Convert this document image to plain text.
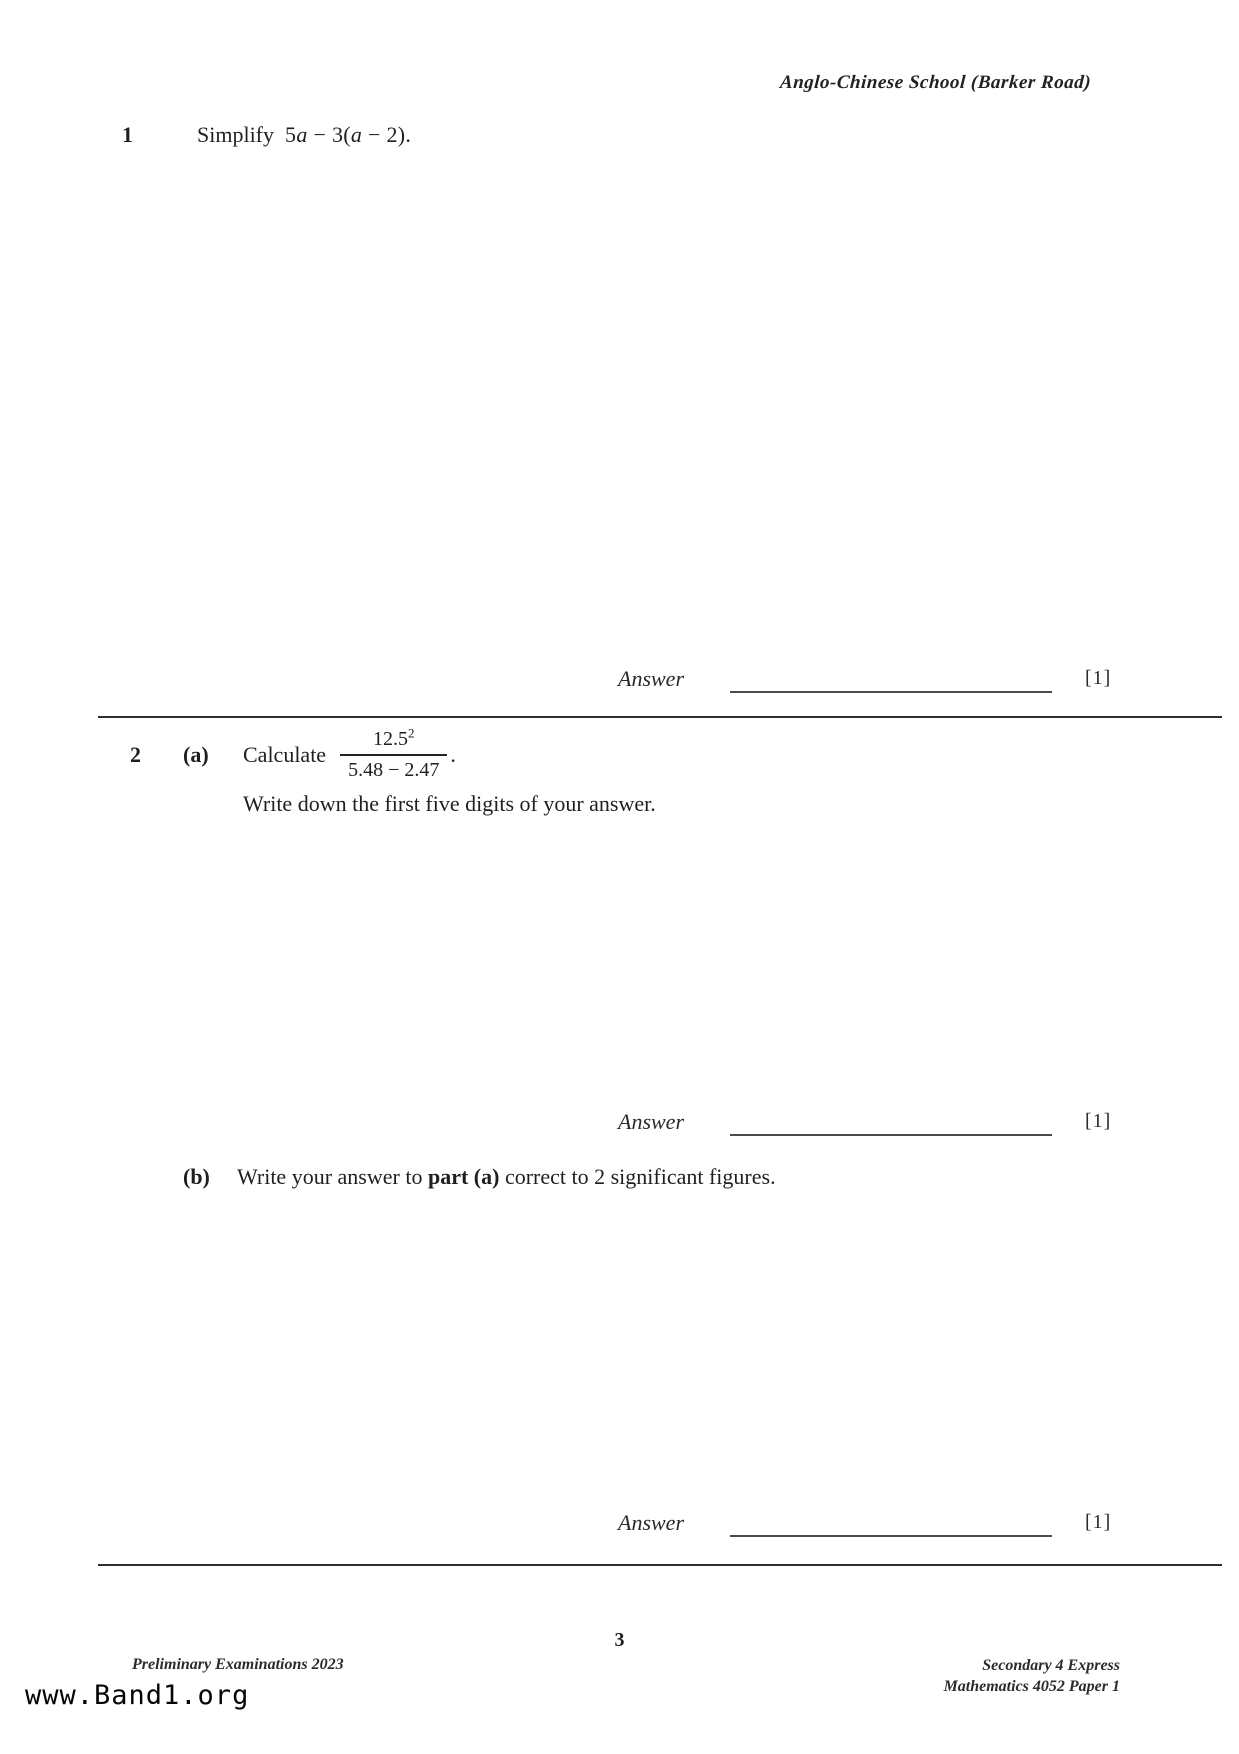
Anglo-Chinese School (Barker Road)
1	Simplify 5a − 3(a − 2).
Answer	[1]
2	(a)	Calculate $\frac{12.5^2}{5.48 - 2.47}$ .
Write down the first five digits of your answer.
Answer	[1]
(b) Write your answer to part (a) correct to 2 significant figures.
Answer	[1]
3
Preliminary Examinations 2023	Secondary 4 Express
Mathematics 4052 Paper 1
www.Band1.org
